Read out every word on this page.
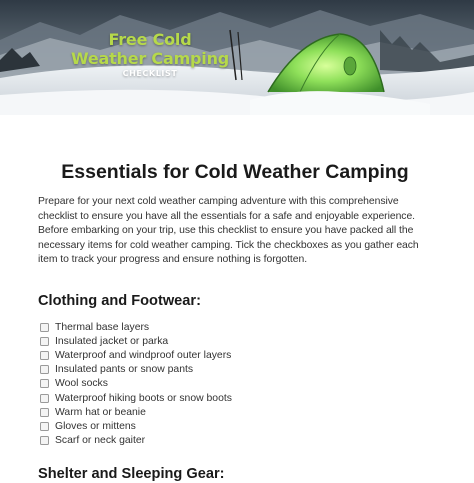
Free Cold
Weather Camping
CHECKLIST
Essentials for Cold Weather Camping

Prepare for your next cold weather camping adventure with this comprehensive checklist to ensure you have all the essentials for a safe and enjoyable experience. Before embarking on your trip, use this checklist to ensure you have packed all the necessary items for cold weather camping. Tick the checkboxes as you gather each item to track your progress and ensure nothing is forgotten.

Clothing and Footwear:
Thermal base layers
Insulated jacket or parka
Waterproof and windproof outer layers
Insulated pants or snow pants
Wool socks
Waterproof hiking boots or snow boots
Warm hat or beanie
Gloves or mittens
Scarf or neck gaiter
Shelter and Sleeping Gear:
